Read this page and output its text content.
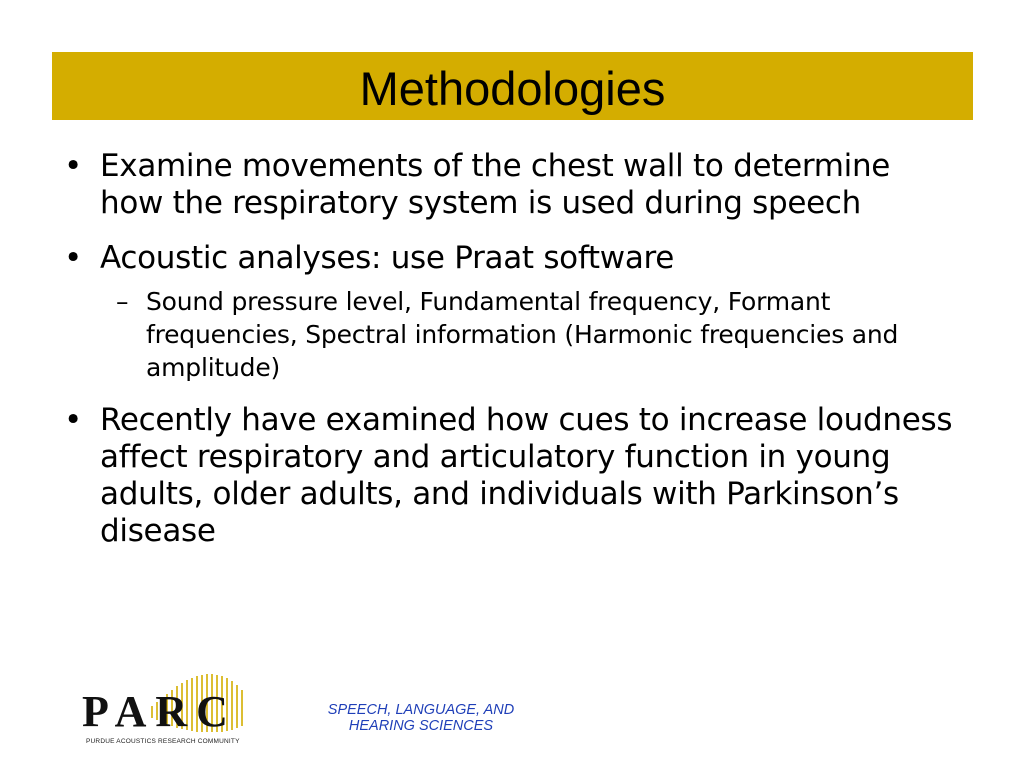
Methodologies
• Examine movements of the chest wall to determine how the respiratory system is used during speech
• Acoustic analyses: use Praat software
– Sound pressure level, Fundamental frequency, Formant frequencies, Spectral information (Harmonic frequencies and amplitude)
• Recently have examined how cues to increase loudness affect respiratory and articulatory function in young adults, older adults, and individuals with Parkinson’s disease
PARC
PURDUE ACOUSTICS RESEARCH COMMUNITY
SPEECH, LANGUAGE, AND
HEARING SCIENCES
